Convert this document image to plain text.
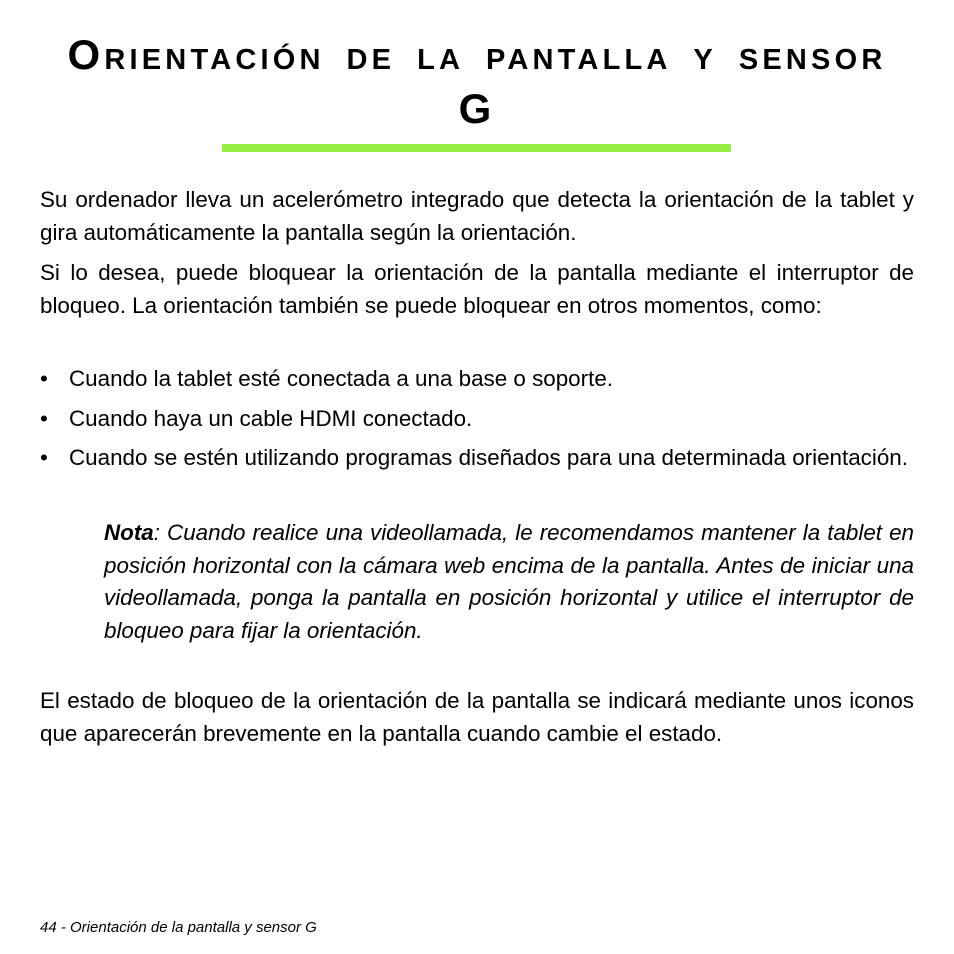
Orientación de la pantalla y sensor G

Su ordenador lleva un acelerómetro integrado que detecta la orientación de la tablet y gira automáticamente la pantalla según la orientación.

Si lo desea, puede bloquear la orientación de la pantalla mediante el interruptor de bloqueo. La orientación también se puede bloquear en otros momentos, como:

• Cuando la tablet esté conectada a una base o soporte.
• Cuando haya un cable HDMI conectado.
• Cuando se estén utilizando programas diseñados para una determinada orientación.

Nota: Cuando realice una videollamada, le recomendamos mantener la tablet en posición horizontal con la cámara web encima de la pantalla. Antes de iniciar una videollamada, ponga la pantalla en posición horizontal y utilice el interruptor de bloqueo para fijar la orientación.

El estado de bloqueo de la orientación de la pantalla se indicará mediante unos iconos que aparecerán brevemente en la pantalla cuando cambie el estado.

44 - Orientación de la pantalla y sensor G
